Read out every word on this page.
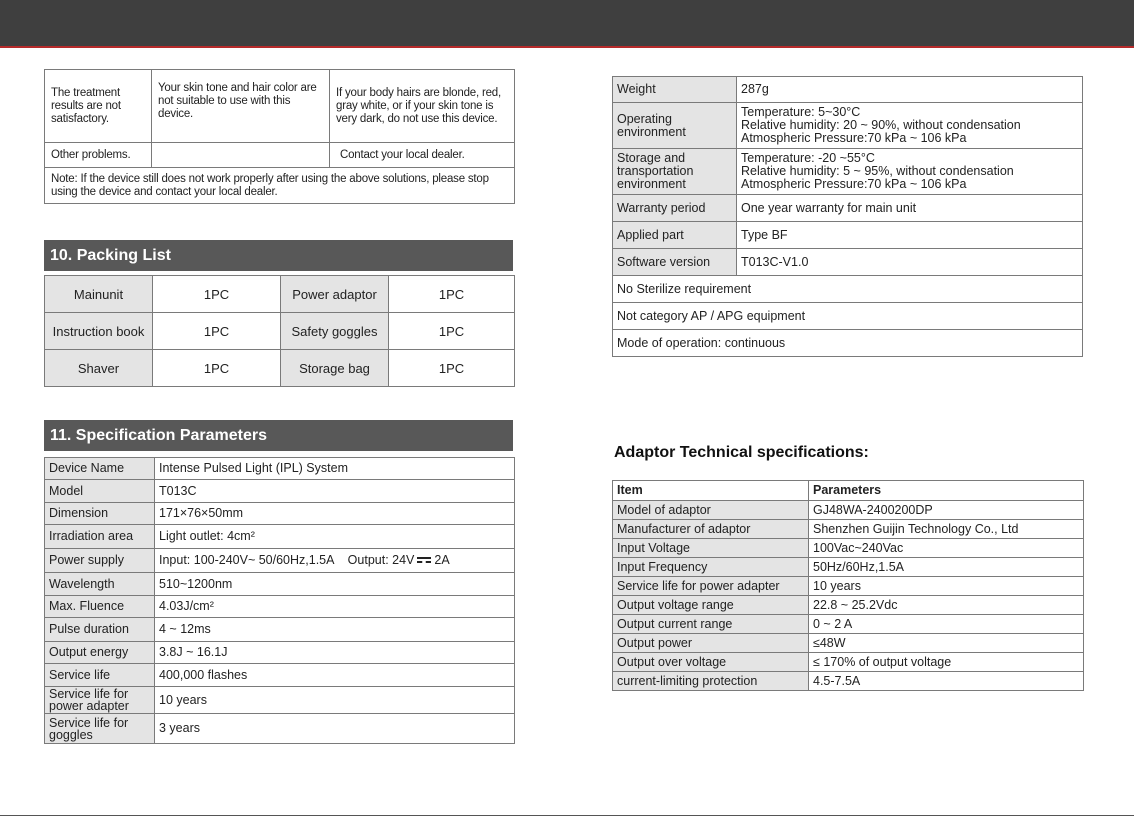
The treatment results are not satisfactory.	Your skin tone and hair color are not suitable to use with this device.	If your body hairs are blonde, red, gray white, or if your skin tone is very dark, do not use this device.
Other problems.		Contact your local dealer.
Note: If the device still does not work properly after using the above solutions, please stop using the device and contact your local dealer.		
10. Packing List
Mainunit	1PC	Power adaptor	1PC
Instruction book	1PC	Safety goggles	1PC
Shaver	1PC	Storage bag	1PC
11. Specification Parameters
Device Name	Intense Pulsed Light (IPL) System
Model	T013C
Dimension	171×76×50mm
Irradiation area	Light outlet: 4cm²
Power supply	Input: 100-240V~ 50/60Hz,1.5A    Output: 24V 2A
Wavelength	510~1200nm
Max. Fluence	4.03J/cm²
Pulse duration	4 ~ 12ms
Output energy	3.8J ~ 16.1J
Service life	400,000 flashes
Service life for power adapter	10 years
Service life for goggles	3 years
Weight	287g
Operating environment	Temperature: 5~30°C
Relative humidity: 20 ~ 90%, without condensation
Atmospheric Pressure:70 kPa ~ 106 kPa
Storage and transportation environment	Temperature: -20 ~55°C
Relative humidity: 5 ~ 95%, without condensation
Atmospheric Pressure:70 kPa ~ 106 kPa
Warranty period	One year warranty for main unit
Applied part	Type BF
Software version	T013C-V1.0
No Sterilize requirement	
Not category AP / APG equipment	
Mode of operation: continuous	
Adaptor Technical specifications:
Item	Parameters
Model of adaptor	GJ48WA-2400200DP
Manufacturer of adaptor	Shenzhen Guijin Technology Co., Ltd
Input Voltage	100Vac~240Vac
Input Frequency	50Hz/60Hz,1.5A
Service life for power adapter	10 years
Output voltage range	22.8 ~ 25.2Vdc
Output current range	0 ~ 2 A
Output power	≤48W
Output over voltage	≤ 170% of output voltage
current-limiting protection	4.5-7.5A
